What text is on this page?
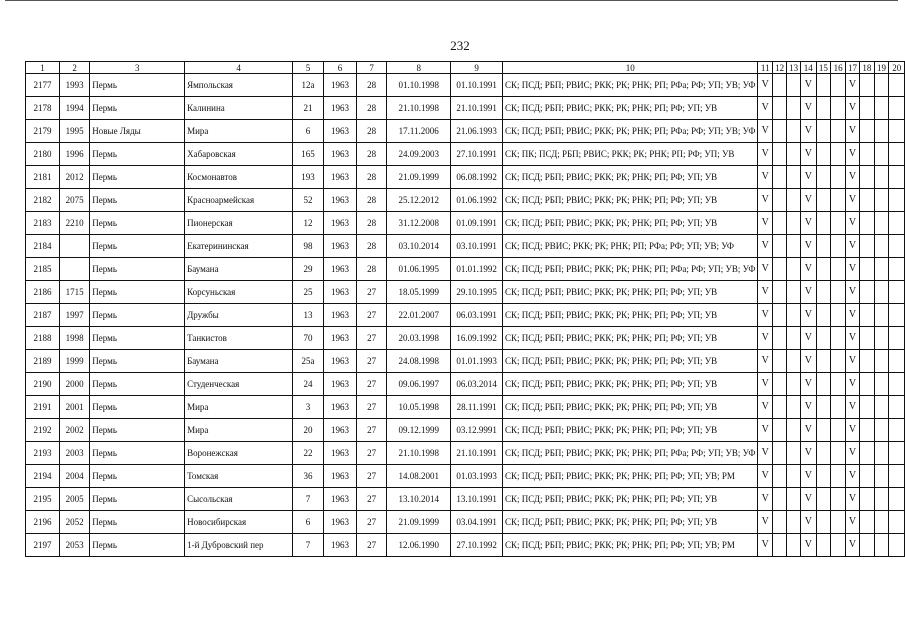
232
1	2	3	4	5	6	7	8	9	10	11	12	13	14	15	16	17	18	19	20
2177	1993	Пермь	Ямпольская	12а	1963	28	01.10.1998	01.10.1991	СК; ПСД; РБП; РВИС; РКК; РК; РНК; РП; РФа; РФ; УП; УВ; УФ	V			V			V			
2178	1994	Пермь	Калинина	21	1963	28	21.10.1998	21.10.1991	СК; ПСД; РБП; РВИС; РКК; РК; РНК; РП; РФ; УП; УВ	V			V			V			
2179	1995	Новые Ляды	Мира	6	1963	28	17.11.2006	21.06.1993	СК; ПСД; РБП; РВИС; РКК; РК; РНК; РП; РФа; РФ; УП; УВ; УФ	V			V			V			
2180	1996	Пермь	Хабаровская	165	1963	28	24.09.2003	27.10.1991	СК; ПК; ПСД; РБП; РВИС; РКК; РК; РНК; РП; РФ; УП; УВ	V			V			V			
2181	2012	Пермь	Космонавтов	193	1963	28	21.09.1999	06.08.1992	СК; ПСД; РБП; РВИС; РКК; РК; РНК; РП; РФ; УП; УВ	V			V			V			
2182	2075	Пермь	Красноармейская	52	1963	28	25.12.2012	01.06.1992	СК; ПСД; РБП; РВИС; РКК; РК; РНК; РП; РФ; УП; УВ	V			V			V			
2183	2210	Пермь	Пионерская	12	1963	28	31.12.2008	01.09.1991	СК; ПСД; РБП; РВИС; РКК; РК; РНК; РП; РФ; УП; УВ	V			V			V			
2184		Пермь	Екатерининская	98	1963	28	03.10.2014	03.10.1991	СК; ПСД; РВИС; РКК; РК; РНК; РП; РФа; РФ; УП; УВ; УФ	V			V			V			
2185		Пермь	Баумана	29	1963	28	01.06.1995	01.01.1992	СК; ПСД; РБП; РВИС; РКК; РК; РНК; РП; РФа; РФ; УП; УВ; УФ	V			V			V			
2186	1715	Пермь	Корсуньская	25	1963	27	18.05.1999	29.10.1995	СК; ПСД; РБП; РВИС; РКК; РК; РНК; РП; РФ; УП; УВ	V			V			V			
2187	1997	Пермь	Дружбы	13	1963	27	22.01.2007	06.03.1991	СК; ПСД; РБП; РВИС; РКК; РК; РНК; РП; РФ; УП; УВ	V			V			V			
2188	1998	Пермь	Танкистов	70	1963	27	20.03.1998	16.09.1992	СК; ПСД; РБП; РВИС; РКК; РК; РНК; РП; РФ; УП; УВ	V			V			V			
2189	1999	Пермь	Баумана	25а	1963	27	24.08.1998	01.01.1993	СК; ПСД; РБП; РВИС; РКК; РК; РНК; РП; РФ; УП; УВ	V			V			V			
2190	2000	Пермь	Студенческая	24	1963	27	09.06.1997	06.03.2014	СК; ПСД; РБП; РВИС; РКК; РК; РНК; РП; РФ; УП; УВ	V			V			V			
2191	2001	Пермь	Мира	3	1963	27	10.05.1998	28.11.1991	СК; ПСД; РБП; РВИС; РКК; РК; РНК; РП; РФ; УП; УВ	V			V			V			
2192	2002	Пермь	Мира	20	1963	27	09.12.1999	03.12.9991	СК; ПСД; РБП; РВИС; РКК; РК; РНК; РП; РФ; УП; УВ	V			V			V			
2193	2003	Пермь	Воронежская	22	1963	27	21.10.1998	21.10.1991	СК; ПСД; РБП; РВИС; РКК; РК; РНК; РП; РФа; РФ; УП; УВ; УФ	V			V			V			
2194	2004	Пермь	Томская	36	1963	27	14.08.2001	01.03.1993	СК; ПСД; РБП; РВИС; РКК; РК; РНК; РП; РФ; УП; УВ; РМ	V			V			V			
2195	2005	Пермь	Сысольская	7	1963	27	13.10.2014	13.10.1991	СК; ПСД; РБП; РВИС; РКК; РК; РНК; РП; РФ; УП; УВ	V			V			V			
2196	2052	Пермь	Новосибирская	6	1963	27	21.09.1999	03.04.1991	СК; ПСД; РБП; РВИС; РКК; РК; РНК; РП; РФ; УП; УВ	V			V			V			
2197	2053	Пермь	1-й Дубровский пер	7	1963	27	12.06.1990	27.10.1992	СК; ПСД; РБП; РВИС; РКК; РК; РНК; РП; РФ; УП; УВ; РМ	V			V			V			
